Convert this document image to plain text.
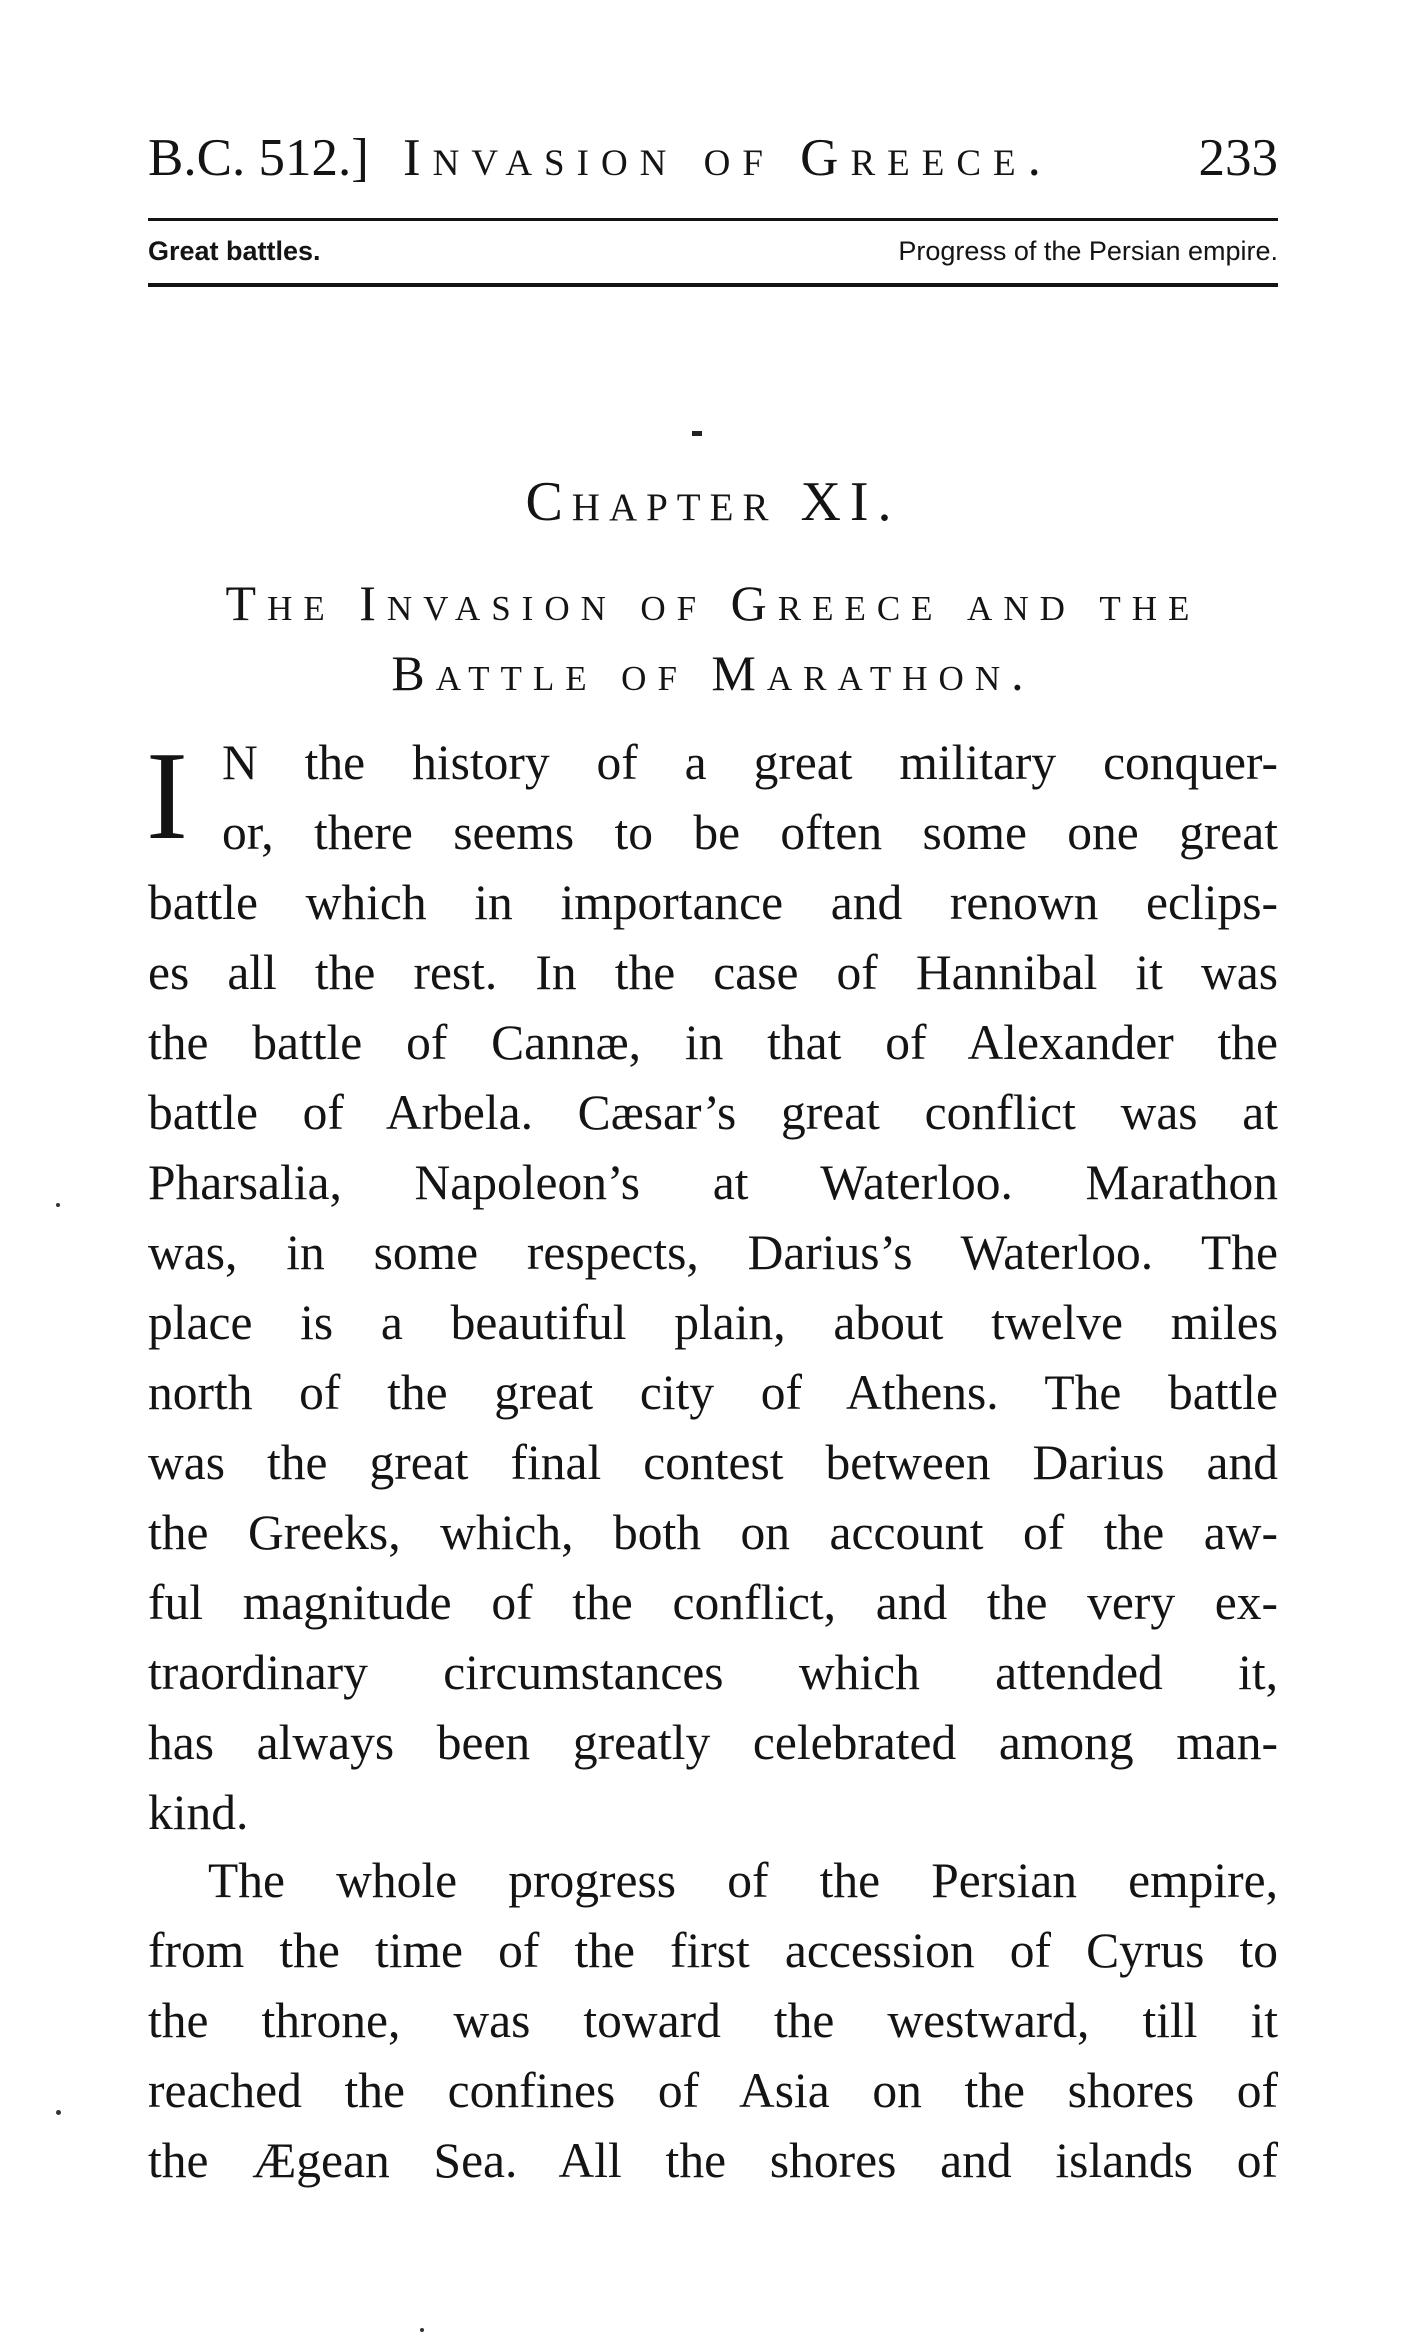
B.C. 512.] Invasion of Greece.	233
Great battles.	Progress of the Persian empire.
Chapter XI.
The Invasion of Greece and the
Battle of Marathon.
I N the history of a great military conquer-
or, there seems to be often some one great
battle which in importance and renown eclips-
es all the rest. In the case of Hannibal it was
the battle of Cannæ, in that of Alexander the
battle of Arbela. Cæsar’s great conflict was at
Pharsalia, Napoleon’s at Waterloo. Marathon
was, in some respects, Darius’s Waterloo. The
place is a beautiful plain, about twelve miles
north of the great city of Athens. The battle
was the great final contest between Darius and
the Greeks, which, both on account of the aw-
ful magnitude of the conflict, and the very ex-
traordinary circumstances which attended it,
has always been greatly celebrated among man-
kind.
The whole progress of the Persian empire,
from the time of the first accession of Cyrus to
the throne, was toward the westward, till it
reached the confines of Asia on the shores of
the Ægean Sea. All the shores and islands of
